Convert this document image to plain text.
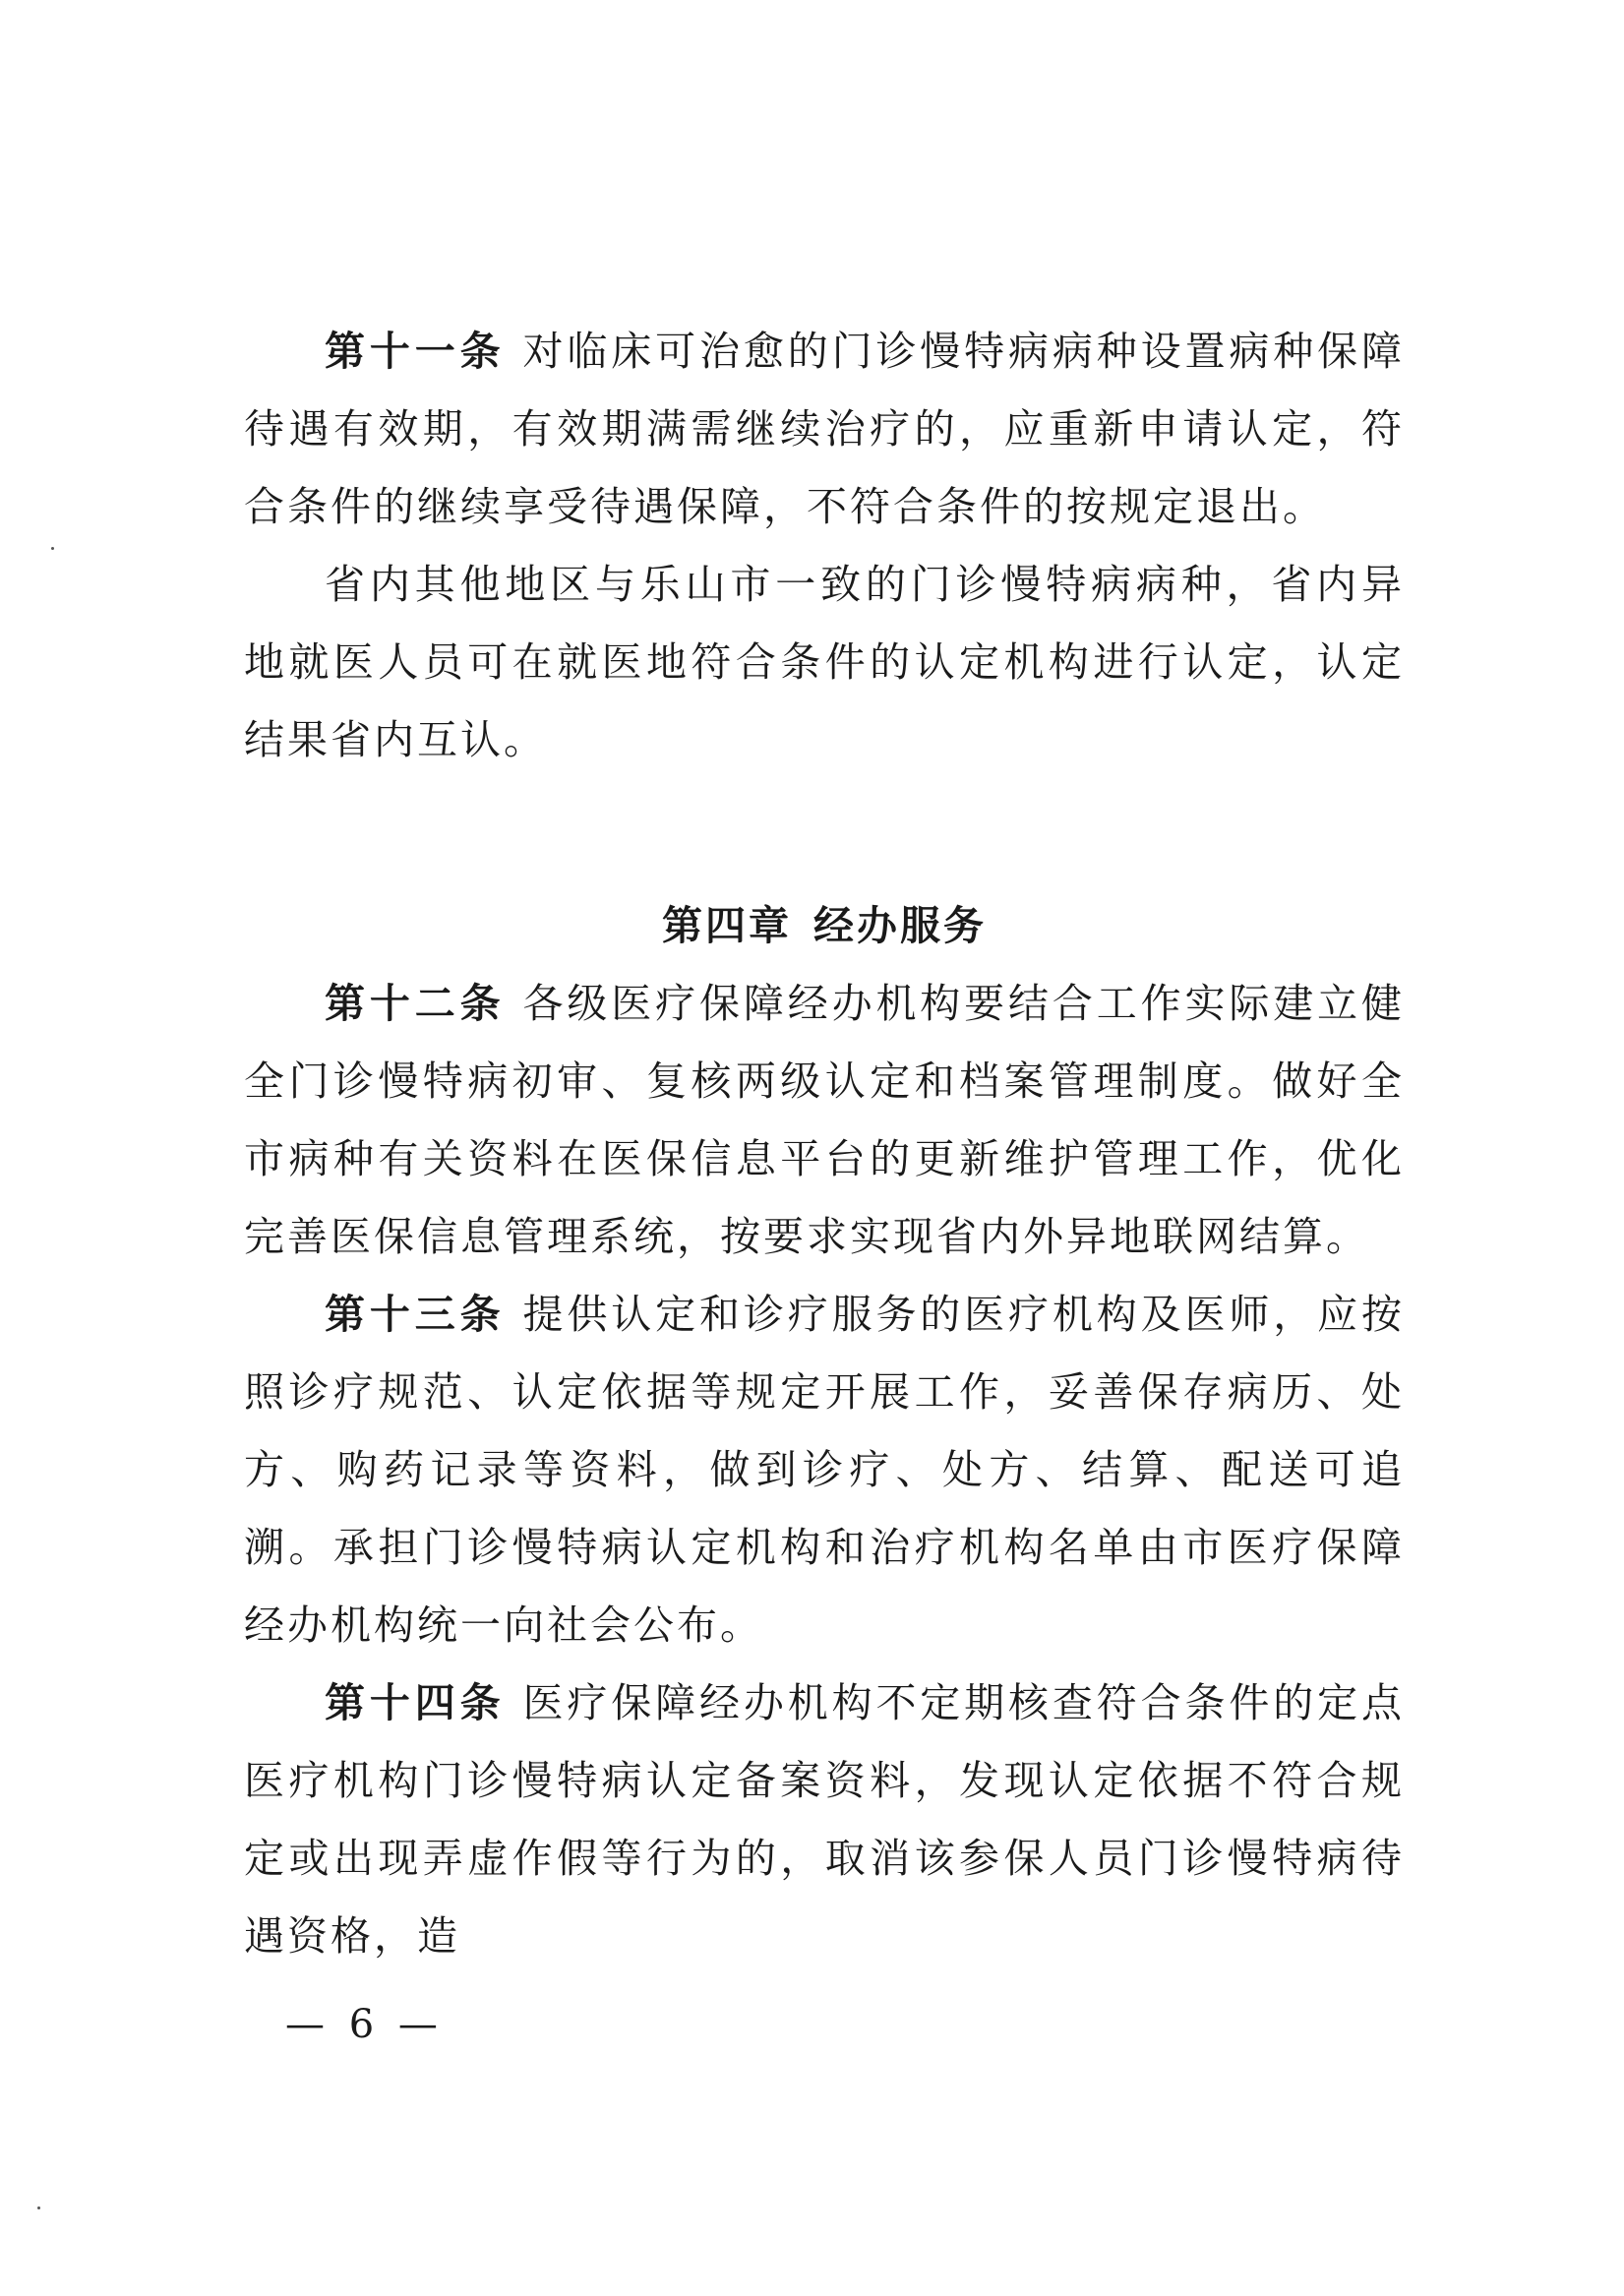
第十一条 对临床可治愈的门诊慢特病病种设置病种保障待遇有效期，有效期满需继续治疗的，应重新申请认定，符合条件的继续享受待遇保障，不符合条件的按规定退出。

省内其他地区与乐山市一致的门诊慢特病病种，省内异地就医人员可在就医地符合条件的认定机构进行认定，认定结果省内互认。

第四章 经办服务

第十二条 各级医疗保障经办机构要结合工作实际建立健全门诊慢特病初审、复核两级认定和档案管理制度。做好全市病种有关资料在医保信息平台的更新维护管理工作，优化完善医保信息管理系统，按要求实现省内外异地联网结算。

第十三条 提供认定和诊疗服务的医疗机构及医师，应按照诊疗规范、认定依据等规定开展工作，妥善保存病历、处方、购药记录等资料，做到诊疗、处方、结算、配送可追溯。承担门诊慢特病认定机构和治疗机构名单由市医疗保障经办机构统一向社会公布。

第十四条 医疗保障经办机构不定期核查符合条件的定点医疗机构门诊慢特病认定备案资料，发现认定依据不符合规定或出现弄虚作假等行为的，取消该参保人员门诊慢特病待遇资格，造

— 6 —
